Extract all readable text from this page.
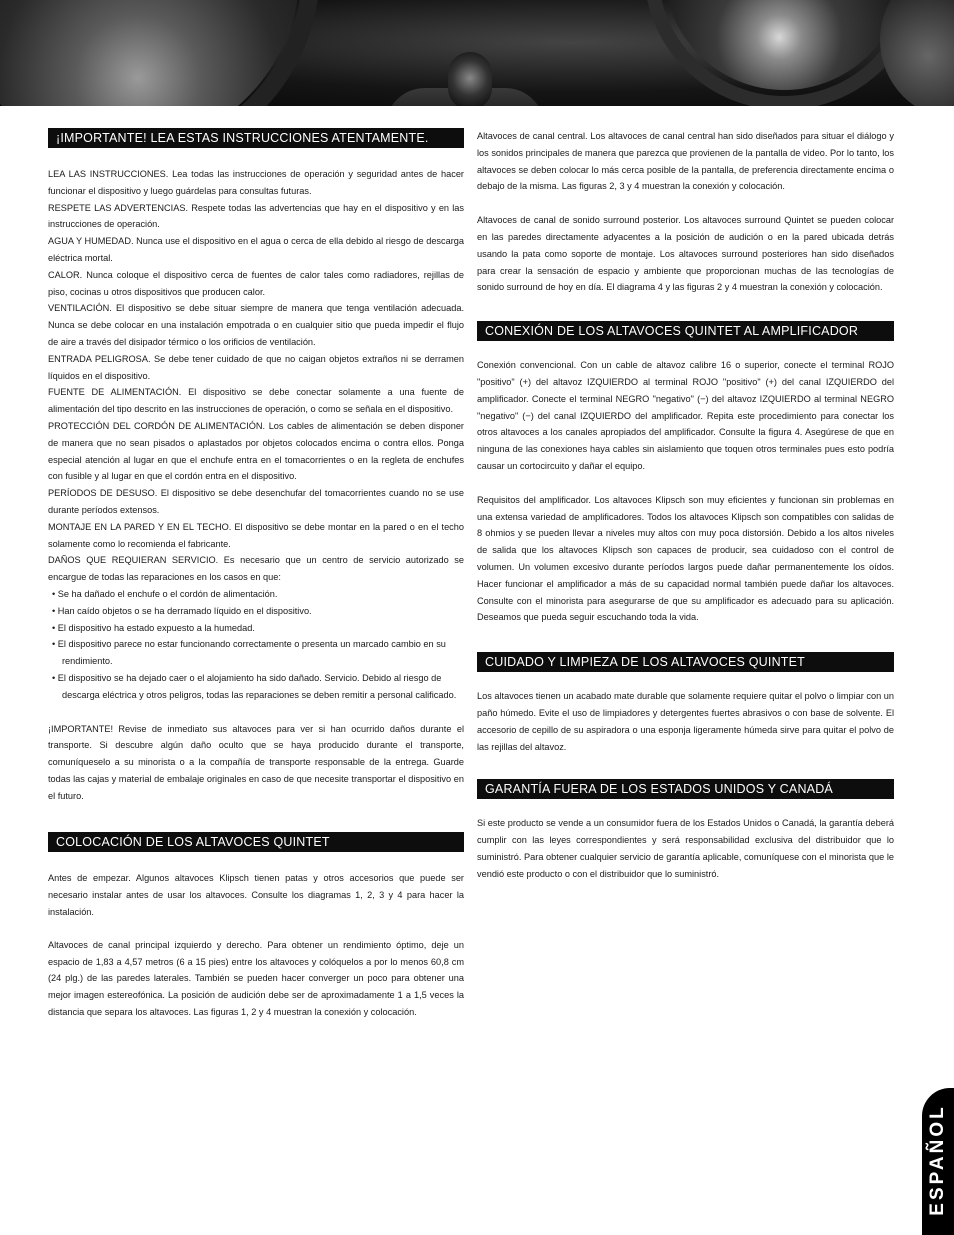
¡IMPORTANTE! LEA ESTAS INSTRUCCIONES ATENTAMENTE.

LEA LAS INSTRUCCIONES. Lea todas las instrucciones de operación y seguridad antes de hacer funcionar el dispositivo y luego guárdelas para consultas futuras.

RESPETE LAS ADVERTENCIAS. Respete todas las advertencias que hay en el dispositivo y en las instrucciones de operación.

AGUA Y HUMEDAD. Nunca use el dispositivo en el agua o cerca de ella debido al riesgo de descarga eléctrica mortal.

CALOR. Nunca coloque el dispositivo cerca de fuentes de calor tales como radiadores, rejillas de piso, cocinas u otros dispositivos que producen calor.

VENTILACIÓN. El dispositivo se debe situar siempre de manera que tenga ventilación adecuada. Nunca se debe colocar en una instalación empotrada o en cualquier sitio que pueda impedir el flujo de aire a través del disipador térmico o los orificios de ventilación.

ENTRADA PELIGROSA. Se debe tener cuidado de que no caigan objetos extraños ni se derramen líquidos en el dispositivo.

FUENTE DE ALIMENTACIÓN. El dispositivo se debe conectar solamente a una fuente de alimentación del tipo descrito en las instrucciones de operación, o como se señala en el dispositivo.

PROTECCIÓN DEL CORDÓN DE ALIMENTACIÓN. Los cables de alimentación se deben disponer de manera que no sean pisados o aplastados por objetos colocados encima o contra ellos. Ponga especial atención al lugar en que el enchufe entra en el tomacorrientes o en la regleta de enchufes con fusible y al lugar en que el cordón entra en el dispositivo.

PERÍODOS DE DESUSO. El dispositivo se debe desenchufar del tomacorrientes cuando no se use durante períodos extensos.

MONTAJE EN LA PARED Y EN EL TECHO. El dispositivo se debe montar en la pared o en el techo solamente como lo recomienda el fabricante.

DAÑOS QUE REQUIERAN SERVICIO. Es necesario que un centro de servicio autorizado se encargue de todas las reparaciones en los casos en que:

• Se ha dañado el enchufe o el cordón de alimentación.

• Han caído objetos o se ha derramado líquido en el dispositivo.

• El dispositivo ha estado expuesto a la humedad.

• El dispositivo parece no estar funcionando correctamente o presenta un marcado cambio en su rendimiento.

• El dispositivo se ha dejado caer o el alojamiento ha sido dañado. Servicio. Debido al riesgo de descarga eléctrica y otros peligros, todas las reparaciones se deben remitir a personal calificado.

¡IMPORTANTE! Revise de inmediato sus altavoces para ver si han ocurrido daños durante el transporte. Si descubre algún daño oculto que se haya producido durante el transporte, comuníqueselo a su minorista o a la compañía de transporte responsable de la entrega. Guarde todas las cajas y material de embalaje originales en caso de que necesite transportar el dispositivo en el futuro.

COLOCACIÓN DE LOS ALTAVOCES QUINTET

Antes de empezar. Algunos altavoces Klipsch tienen patas y otros accesorios que puede ser necesario instalar antes de usar los altavoces. Consulte los diagramas 1, 2, 3 y 4 para hacer la instalación.

Altavoces de canal principal izquierdo y derecho. Para obtener un rendimiento óptimo, deje un espacio de 1,83 a 4,57 metros (6 a 15 pies) entre los altavoces y colóquelos a por lo menos 60,8 cm (24 plg.) de las paredes laterales. También se pueden hacer converger un poco para obtener una mejor imagen estereofónica. La posición de audición debe ser de aproximadamente 1 a 1,5 veces la distancia que separa los altavoces. Las figuras 1, 2 y 4 muestran la conexión y colocación.

Altavoces de canal central. Los altavoces de canal central han sido diseñados para situar el diálogo y los sonidos principales de manera que parezca que provienen de la pantalla de video. Por lo tanto, los altavoces se deben colocar lo más cerca posible de la pantalla, de preferencia directamente encima o debajo de la misma. Las figuras 2, 3 y 4 muestran la conexión y colocación.

Altavoces de canal de sonido surround posterior. Los altavoces surround Quintet se pueden colocar en las paredes directamente adyacentes a la posición de audición o en la pared ubicada detrás usando la pata como soporte de montaje. Los altavoces surround posteriores han sido diseñados para crear la sensación de espacio y ambiente que proporcionan muchas de las tecnologías de sonido surround de hoy en día. El diagrama 4 y las figuras 2 y 4 muestran la conexión y colocación.

CONEXIÓN DE LOS ALTAVOCES QUINTET AL AMPLIFICADOR

Conexión convencional. Con un cable de altavoz calibre 16 o superior, conecte el terminal ROJO "positivo" (+) del altavoz IZQUIERDO al terminal ROJO "positivo" (+) del canal IZQUIERDO del amplificador. Conecte el terminal NEGRO "negativo" (−) del altavoz IZQUIERDO al terminal NEGRO "negativo" (−) del canal IZQUIERDO del amplificador. Repita este procedimiento para conectar los otros altavoces a los canales apropiados del amplificador. Consulte la figura 4. Asegúrese de que en ninguna de las conexiones haya cables sin aislamiento que toquen otros terminales pues esto podría causar un cortocircuito y dañar el equipo.

Requisitos del amplificador. Los altavoces Klipsch son muy eficientes y funcionan sin problemas en una extensa variedad de amplificadores. Todos los altavoces Klipsch son compatibles con salidas de 8 ohmios y se pueden llevar a niveles muy altos con muy poca distorsión. Debido a los altos niveles de salida que los altavoces Klipsch son capaces de producir, sea cuidadoso con el control de volumen. Un volumen excesivo durante períodos largos puede dañar permanentemente los oídos. Hacer funcionar el amplificador a más de su capacidad normal también puede dañar los altavoces. Consulte con el minorista para asegurarse de que su amplificador es adecuado para su aplicación. Deseamos que pueda seguir escuchando toda la vida.

CUIDADO Y LIMPIEZA DE LOS ALTAVOCES QUINTET

Los altavoces tienen un acabado mate durable que solamente requiere quitar el polvo o limpiar con un paño húmedo. Evite el uso de limpiadores y detergentes fuertes abrasivos o con base de solvente. El accesorio de cepillo de su aspiradora o una esponja ligeramente húmeda sirve para quitar el polvo de las rejillas del altavoz.

GARANTÍA FUERA DE LOS ESTADOS UNIDOS Y CANADÁ

Si este producto se vende a un consumidor fuera de los Estados Unidos o Canadá, la garantía deberá cumplir con las leyes correspondientes y será responsabilidad exclusiva del distribuidor que lo suministró. Para obtener cualquier servicio de garantía aplicable, comuníquese con el minorista que le vendió este producto o con el distribuidor que lo suministró.

ESPAÑOL
